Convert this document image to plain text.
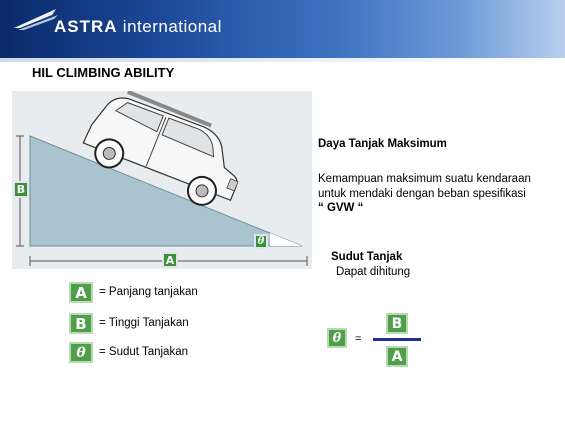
ASTRA international
HIL CLIMBING ABILITY
B
A
θ
Daya Tanjak Maksimum
Kemampuan maksimum suatu kendaraan untuk mendaki dengan beban spesifikasi
“ GVW “
Sudut Tanjak
Dapat dihitung
A	= Panjang tanjakan
B	= Tinggi Tanjakan
θ	= Sudut Tanjakan
θ	=
B
A
